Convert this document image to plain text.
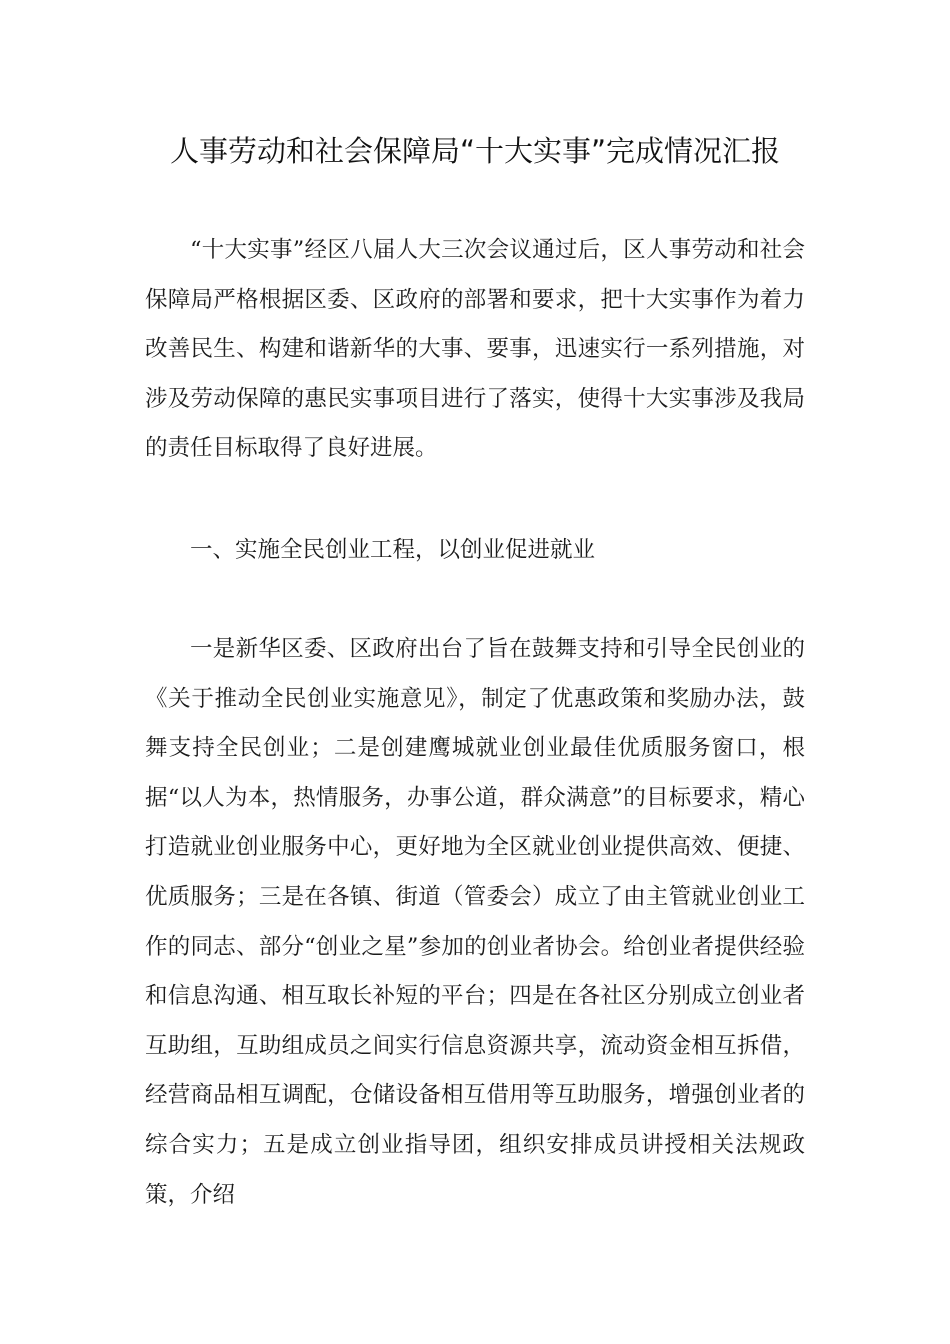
人事劳动和社会保障局“十大实事”完成情况汇报

“十大实事”经区八届人大三次会议通过后，区人事劳动和社会保障局严格根据区委、区政府的部署和要求，把十大实事作为着力改善民生、构建和谐新华的大事、要事，迅速实行一系列措施，对涉及劳动保障的惠民实事项目进行了落实，使得十大实事涉及我局的责任目标取得了良好进展。

一、实施全民创业工程，以创业促进就业

一是新华区委、区政府出台了旨在鼓舞支持和引导全民创业的《关于推动全民创业实施意见》，制定了优惠政策和奖励办法，鼓舞支持全民创业；二是创建鹰城就业创业最佳优质服务窗口，根据“以人为本，热情服务，办事公道，群众满意”的目标要求，精心打造就业创业服务中心，更好地为全区就业创业提供高效、便捷、优质服务；三是在各镇、街道（管委会）成立了由主管就业创业工作的同志、部分“创业之星”参加的创业者协会。给创业者提供经验和信息沟通、相互取长补短的平台；四是在各社区分别成立创业者互助组，互助组成员之间实行信息资源共享，流动资金相互拆借，经营商品相互调配，仓储设备相互借用等互助服务，增强创业者的综合实力；五是成立创业指导团，组织安排成员讲授相关法规政策，介绍
